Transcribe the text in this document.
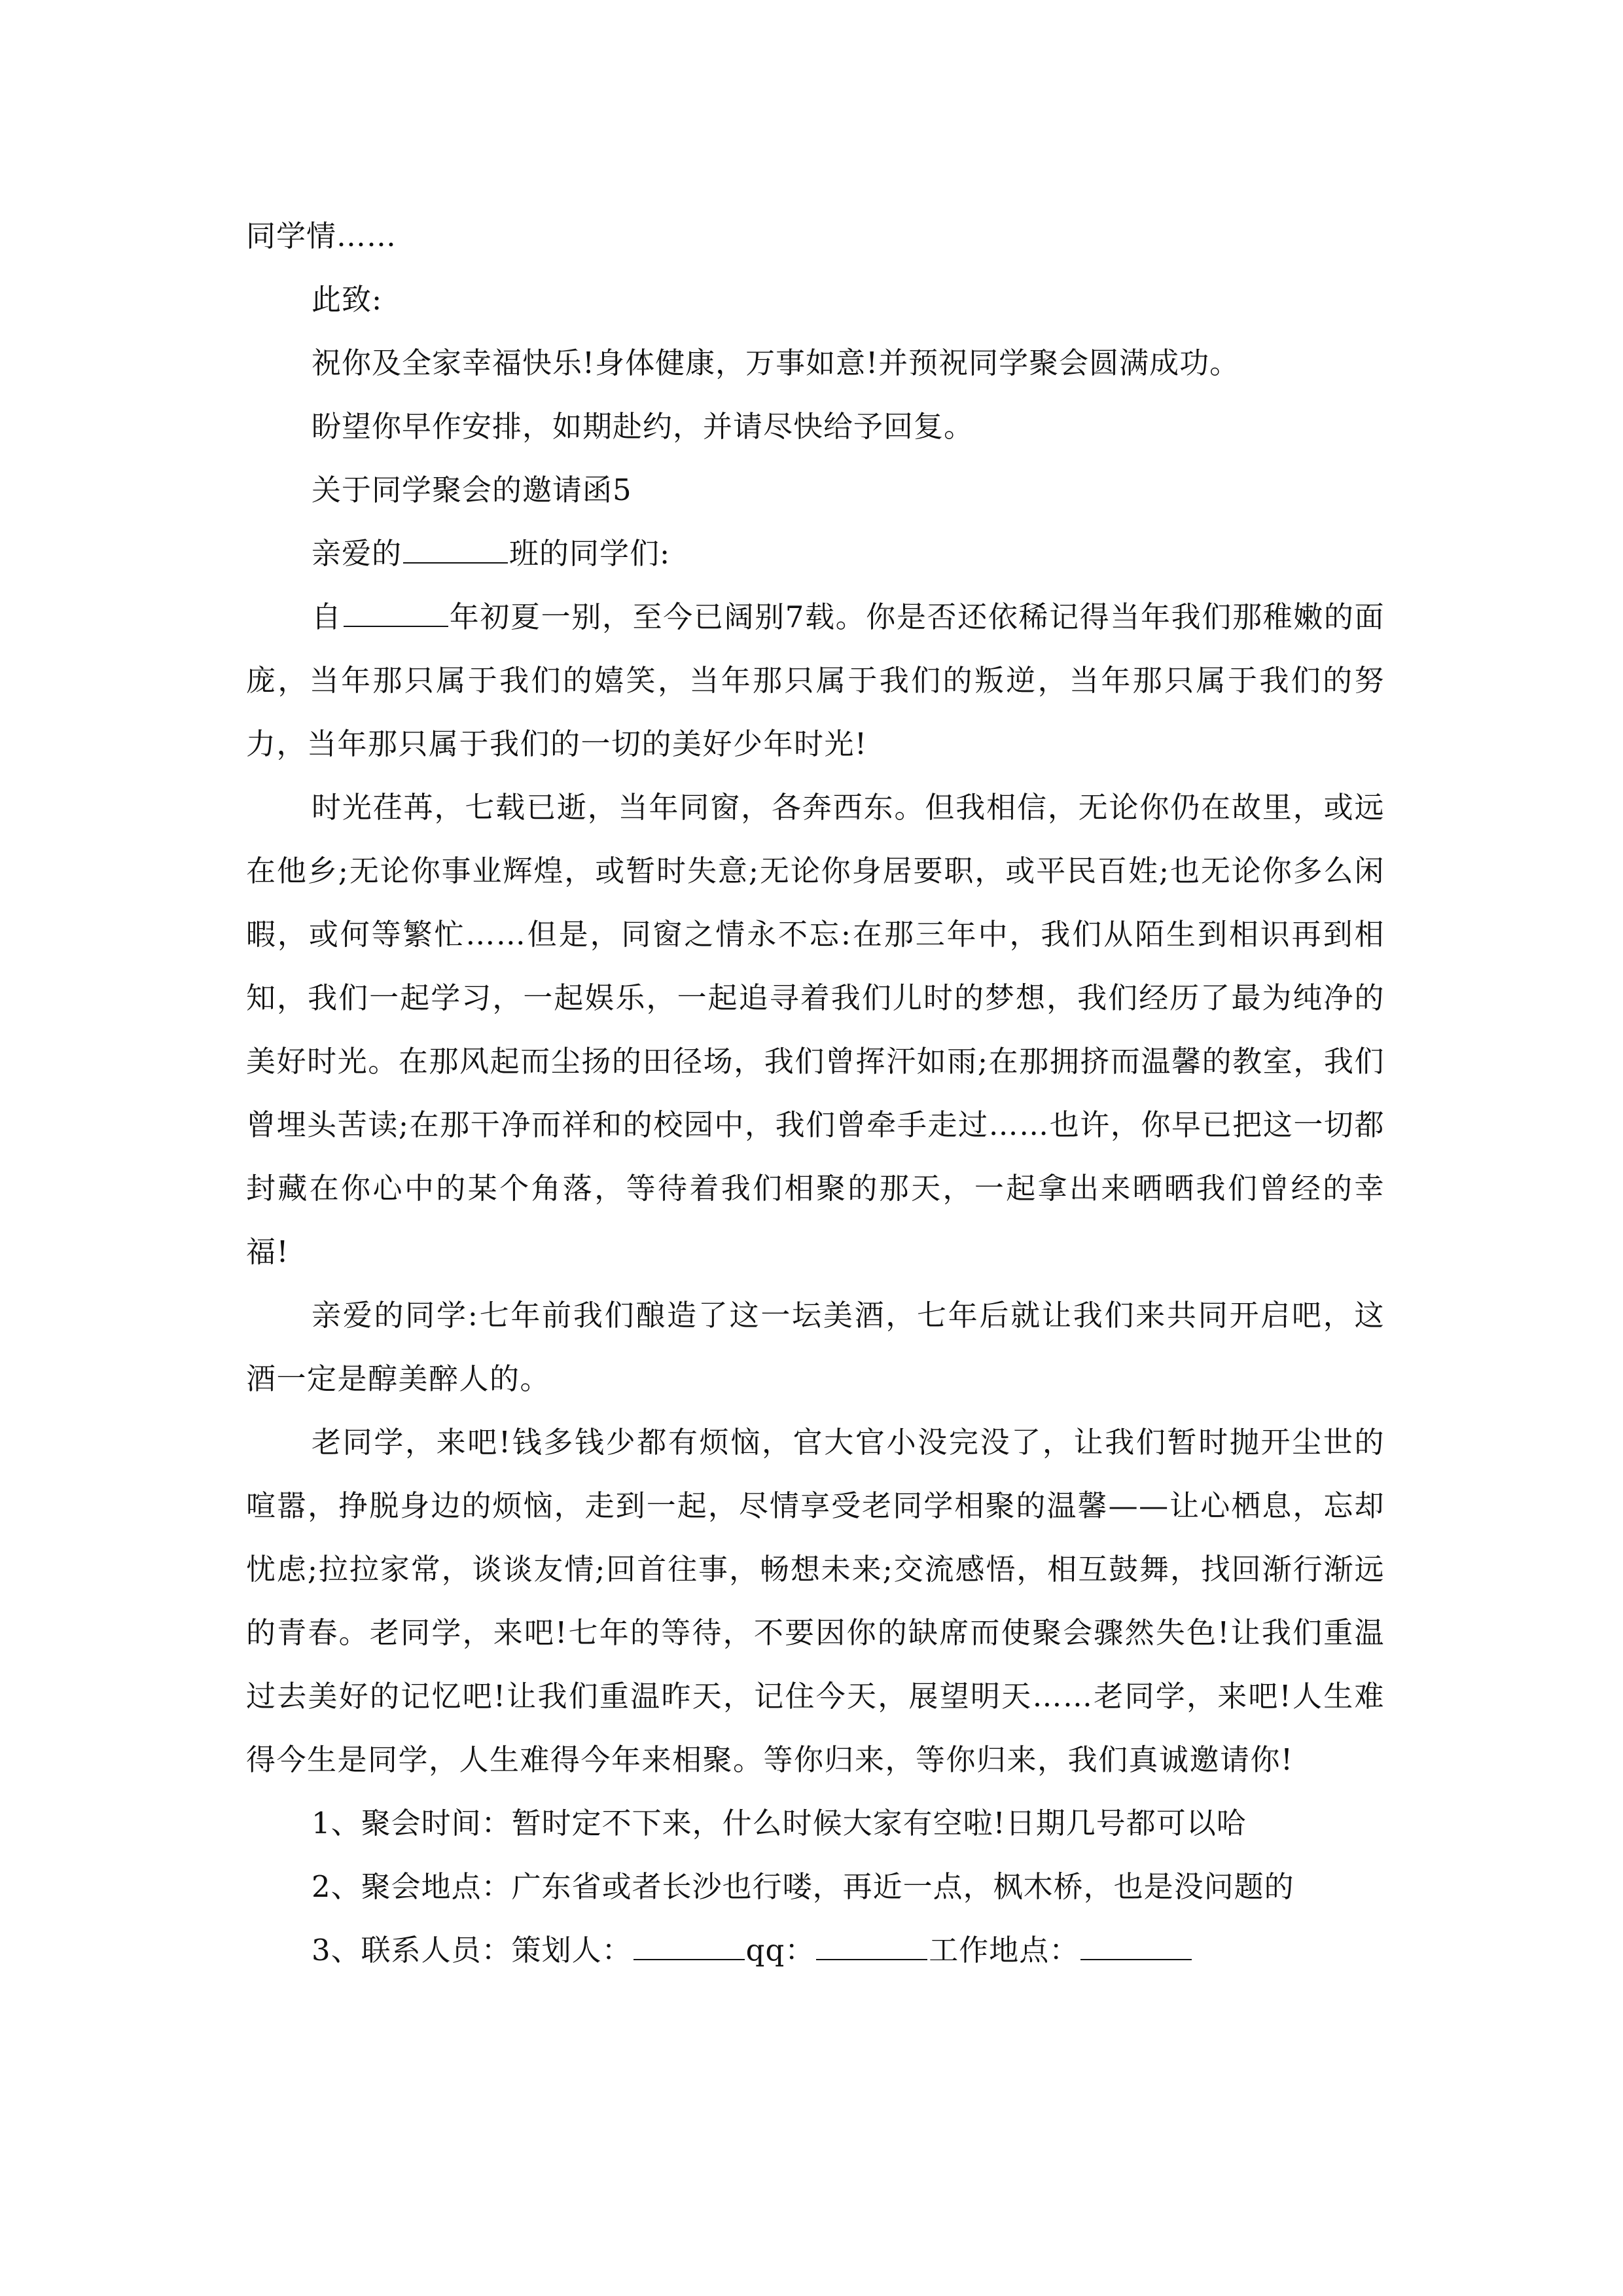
同学情……
此致:
祝你及全家幸福快乐!身体健康，万事如意!并预祝同学聚会圆满成功。
盼望你早作安排，如期赴约，并请尽快给予回复。
关于同学聚会的邀请函5
亲爱的	班的同学们:
自	年初夏一别，至今已阔别7载。你是否还依稀记得当年我们那稚嫩的面庞，当年那只属于我们的嬉笑，当年那只属于我们的叛逆，当年那只属于我们的努力，当年那只属于我们的一切的美好少年时光!
时光荏苒，七载已逝，当年同窗，各奔西东。但我相信，无论你仍在故里，或远在他乡;无论你事业辉煌，或暂时失意;无论你身居要职，或平民百姓;也无论你多么闲暇，或何等繁忙……但是，同窗之情永不忘:在那三年中，我们从陌生到相识再到相知，我们一起学习，一起娱乐，一起追寻着我们儿时的梦想，我们经历了最为纯净的美好时光。在那风起而尘扬的田径场，我们曾挥汗如雨;在那拥挤而温馨的教室，我们曾埋头苦读;在那干净而祥和的校园中，我们曾牵手走过……也许，你早已把这一切都封藏在你心中的某个角落，等待着我们相聚的那天，一起拿出来晒晒我们曾经的幸福!
亲爱的同学:七年前我们酿造了这一坛美酒，七年后就让我们来共同开启吧，这酒一定是醇美醉人的。
老同学，来吧!钱多钱少都有烦恼，官大官小没完没了，让我们暂时抛开尘世的喧嚣，挣脱身边的烦恼，走到一起，尽情享受老同学相聚的温馨——让心栖息，忘却忧虑;拉拉家常，谈谈友情;回首往事，畅想未来;交流感悟，相互鼓舞，找回渐行渐远的青春。老同学，来吧!七年的等待，不要因你的缺席而使聚会骤然失色!让我们重温过去美好的记忆吧!让我们重温昨天，记住今天，展望明天……老同学，来吧!人生难得今生是同学，人生难得今年来相聚。等你归来，等你归来，我们真诚邀请你!
1、聚会时间：暂时定不下来，什么时候大家有空啦!日期几号都可以哈
2、聚会地点：广东省或者长沙也行喽，再近一点，枫木桥，也是没问题的
3、联系人员：策划人：	qq：	工作地点：
